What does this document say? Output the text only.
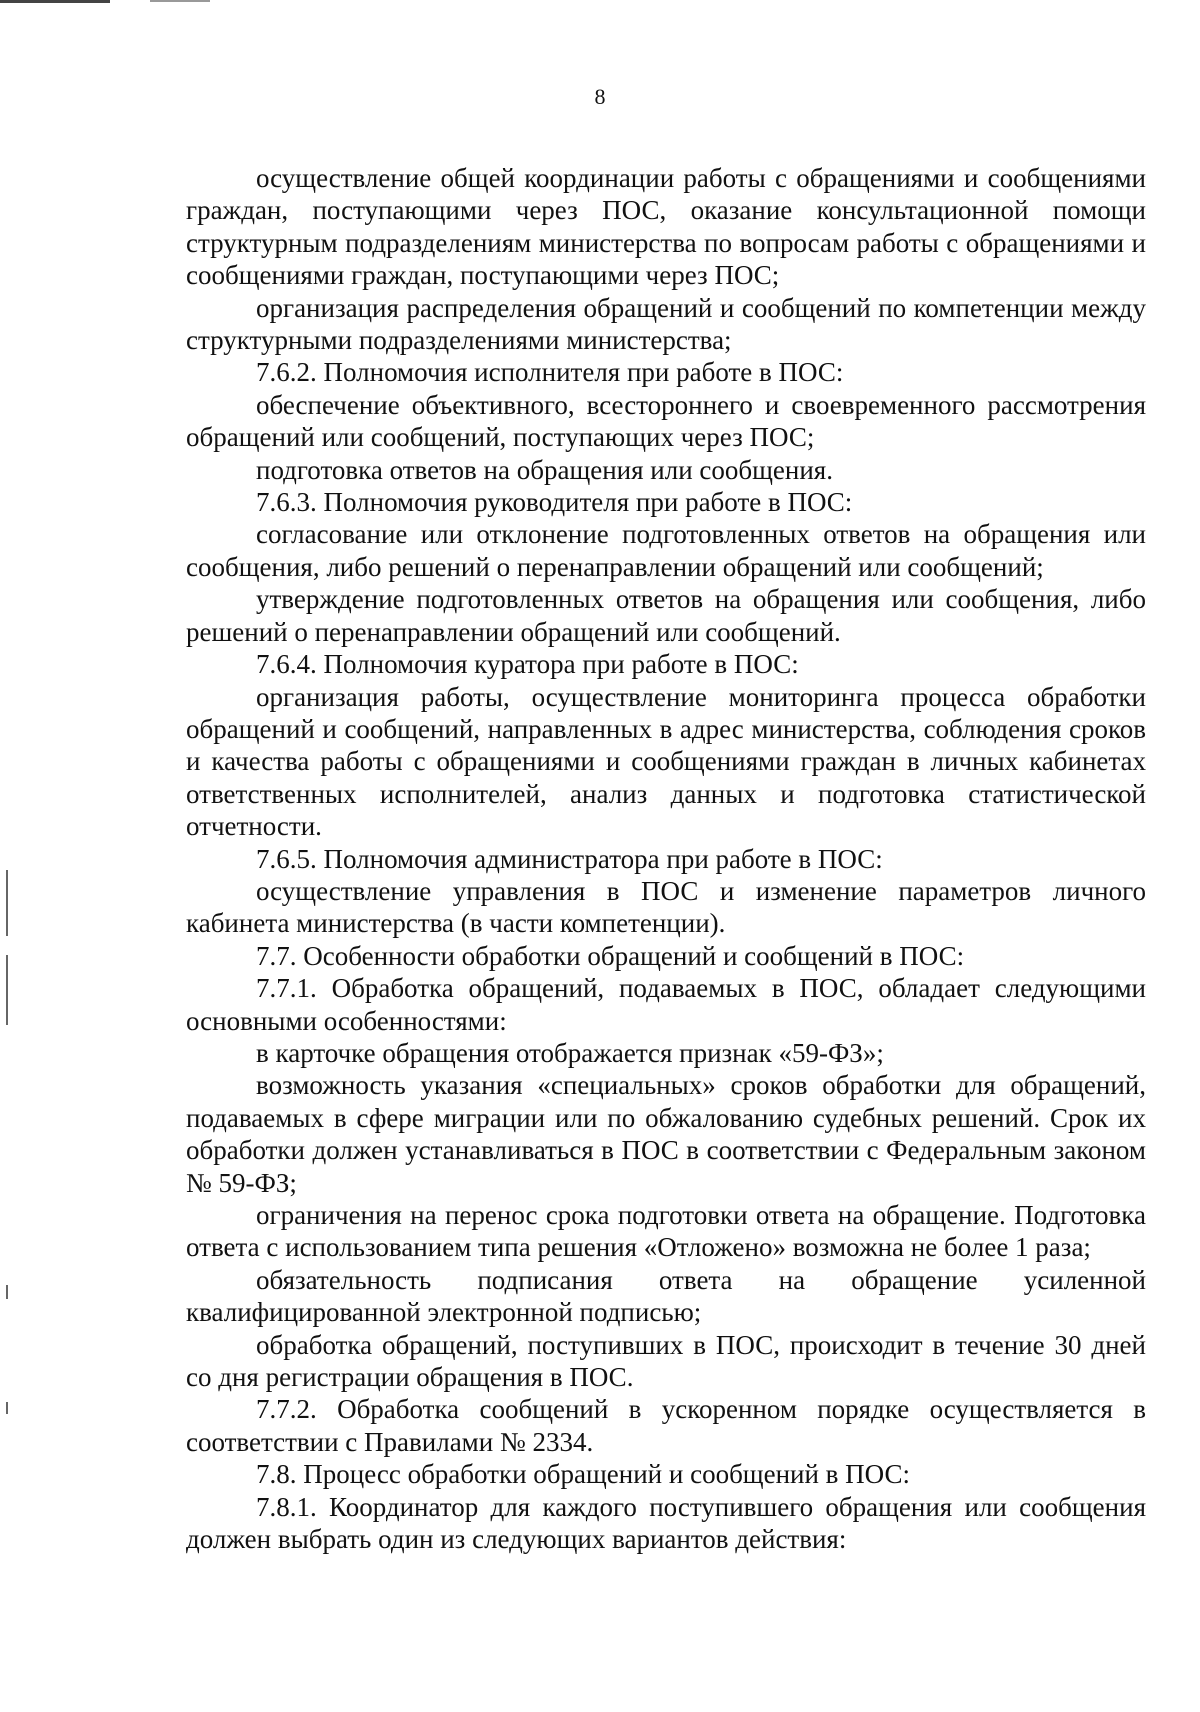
8

осуществление общей координации работы с обращениями и сообщениями граждан, поступающими через ПОС, оказание консультационной помощи структурным подразделениям министерства по вопросам работы с обращениями и сообщениями граждан, поступающими через ПОС;

организация распределения обращений и сообщений по компетенции между структурными подразделениями министерства;

7.6.2. Полномочия исполнителя при работе в ПОС:

обеспечение объективного, всестороннего и своевременного рассмотрения обращений или сообщений, поступающих через ПОС;

подготовка ответов на обращения или сообщения.

7.6.3. Полномочия руководителя при работе в ПОС:

согласование или отклонение подготовленных ответов на обращения или сообщения, либо решений о перенаправлении обращений или сообщений;

утверждение подготовленных ответов на обращения или сообщения, либо решений о перенаправлении обращений или сообщений.

7.6.4. Полномочия куратора при работе в ПОС:

организация работы, осуществление мониторинга процесса обработки обращений и сообщений, направленных в адрес министерства, соблюдения сроков и качества работы с обращениями и сообщениями граждан в личных кабинетах ответственных исполнителей, анализ данных и подготовка статистической отчетности.

7.6.5. Полномочия администратора при работе в ПОС:

осуществление управления в ПОС и изменение параметров личного кабинета министерства (в части компетенции).

7.7. Особенности обработки обращений и сообщений в ПОС:

7.7.1. Обработка обращений, подаваемых в ПОС, обладает следующими основными особенностями:

в карточке обращения отображается признак «59-ФЗ»;

возможность указания «специальных» сроков обработки для обращений, подаваемых в сфере миграции или по обжалованию судебных решений. Срок их обработки должен устанавливаться в ПОС в соответствии с Федеральным законом № 59-ФЗ;

ограничения на перенос срока подготовки ответа на обращение. Подготовка ответа с использованием типа решения «Отложено» возможна не более 1 раза;

обязательность подписания ответа на обращение усиленной квалифицированной электронной подписью;

обработка обращений, поступивших в ПОС, происходит в течение 30 дней со дня регистрации обращения в ПОС.

7.7.2. Обработка сообщений в ускоренном порядке осуществляется в соответствии с Правилами № 2334.

7.8. Процесс обработки обращений и сообщений в ПОС:

7.8.1. Координатор для каждого поступившего обращения или сообщения должен выбрать один из следующих вариантов действия:
